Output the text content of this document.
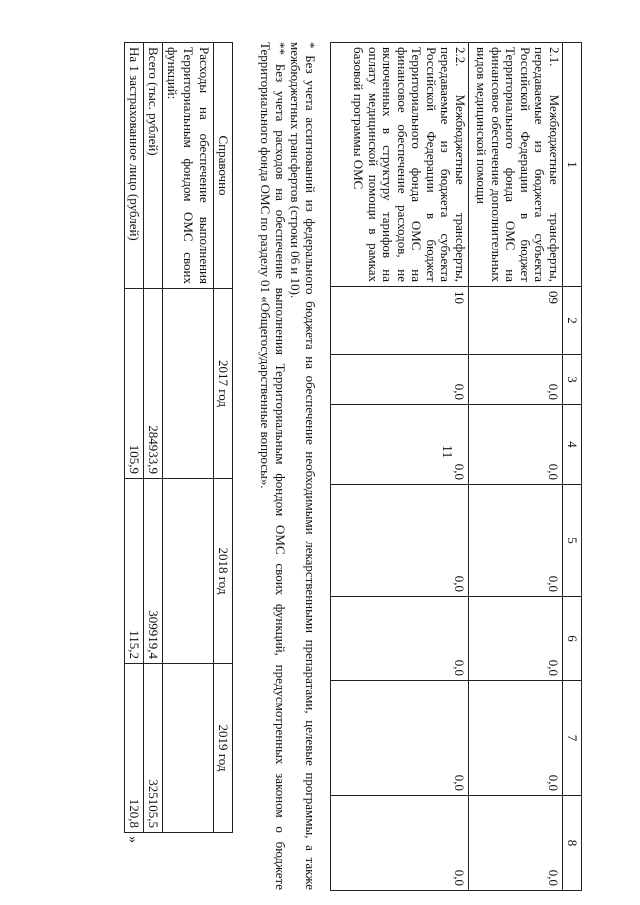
11
1	2	3	4	5	6	7	8
2.1. Межбюджетные трансферты, передаваемые из бюджета субъекта Российской Федерации в бюджет Территориального фонда ОМС на финансовое обеспечение дополнительных видов медицинской помощи	09	0,0	0,0	0,0	0,0	0,0	0,0
2.2. Межбюджетные трансферты, передаваемые из бюджета субъекта Российской Федерации в бюджет Территориального фонда ОМС на финансовое обеспечение расходов, не включенных в структуру тарифов на оплату медицинской помощи в рамках базовой программы ОМС	10	0,0	0,0	0,0	0,0	0,0	0,0

* Без учета ассигнований из федерального бюджета на обеспечение необходимыми лекарственными препаратами, целевые программы, а также межбюджетных трансфертов (строки 06 и 10).

** Без учета расходов на обеспечение выполнения Территориальным фондом ОМС своих функций, предусмотренных законом о бюджете Территориального фонда ОМС по разделу 01 «Общегосударственные вопросы».

Справочно	2017 год	2018 год	2019 год
Расходы на обеспечение выполнения Территориальным фондом ОМС своих функций:			
Всего (тыс. рублей)	284933,9	309919,4	325105,5
На 1 застрахованное лицо (рублей)	105,9	115,2	120,8
»
